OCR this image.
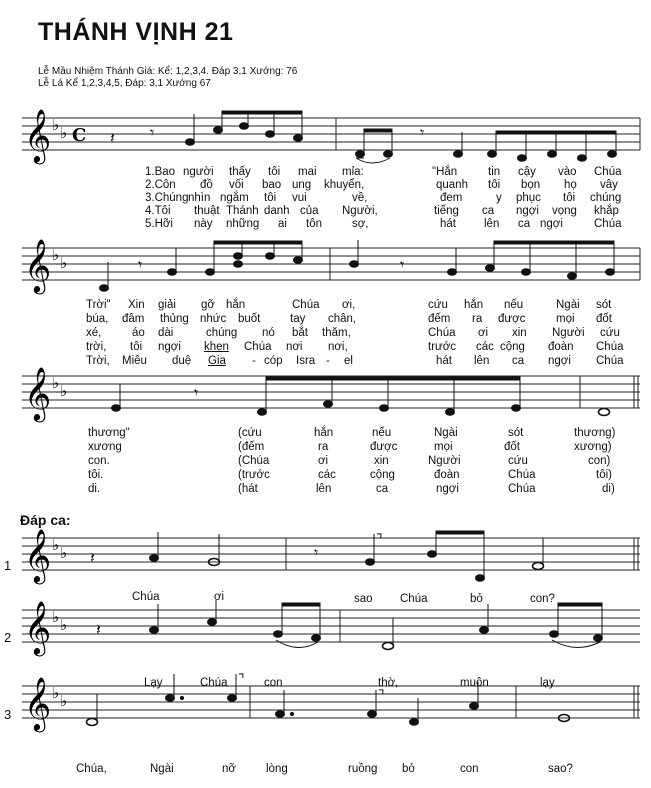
THÁNH VỊNH 21
Lễ Mầu Nhiệm Thánh Giá: Kể: 1,2,3,4. Đáp 3,1 Xướng: 76
Lễ Lá Kể 1,2,3,4,5, Đáp: 3,1 Xướng 67
𝄞 ♭ ♭ C 𝄽 𝄾	𝄾
𝄞 ♭ ♭	𝄾	𝄾
𝄞 ♭ ♭	𝄾
𝄞 ♭ ♭ 𝄽	𝄾
⌝
𝄞 ♭ ♭ 𝄽
𝄞 ♭ ♭
⌝
⌝
1.Bao người thấy tôi mai mỉa:	"Hắn	tin cậy vào Chúa
2.Côn đồ vối bao ung khuyển,	quanh tôi bọn họ vây
3.Chúng nhìn ngắm tôi vui	về,	đem	y phục tôi chúng
4.Tôi thuật Thánh danh của Người,	tiếng ca ngợi vọng khắp
5.Hỡi này những ai tôn	sợ,	hát lên ca ngợi	Chúa
Trời" Xin giải gỡ hắn	Chúa ơi,	cứu hắn nếu	Ngài sót
búa, đâm thủng nhức buốt	tay chân,	đếm ra được	mọi đốt
xé,	áo dài	chúng nó bắt thăm,	Chúa ơi xin Người cứu
trời, tôi ngợi khen Chúa nơi nơi,	trước các cộng đoàn Chúa
Trời, Miêu duệ Gia - cóp Isra - el	hát lên ca ngợi Chúa
thương"	(cứu	hắn	nếu	Ngài	sót	thương)
xương	(đếm	ra	được	mọi	đốt	xương)
con.	(Chúa	ơi	xin	Người	cứu	con)
tôi.	(trước	các	cộng	đoàn	Chúa	tôi)
di.	(hát	lên	ca	ngợi	Chúa	di)
Đáp ca:
1
2
3
Chúa	ơi	sao Chúa	bỏ	con?
Lạy	Chúa	con	thờ,	muôn	lạy
Chúa,	Ngài	nỡ	lòng	ruồng bỏ	con	sao?
